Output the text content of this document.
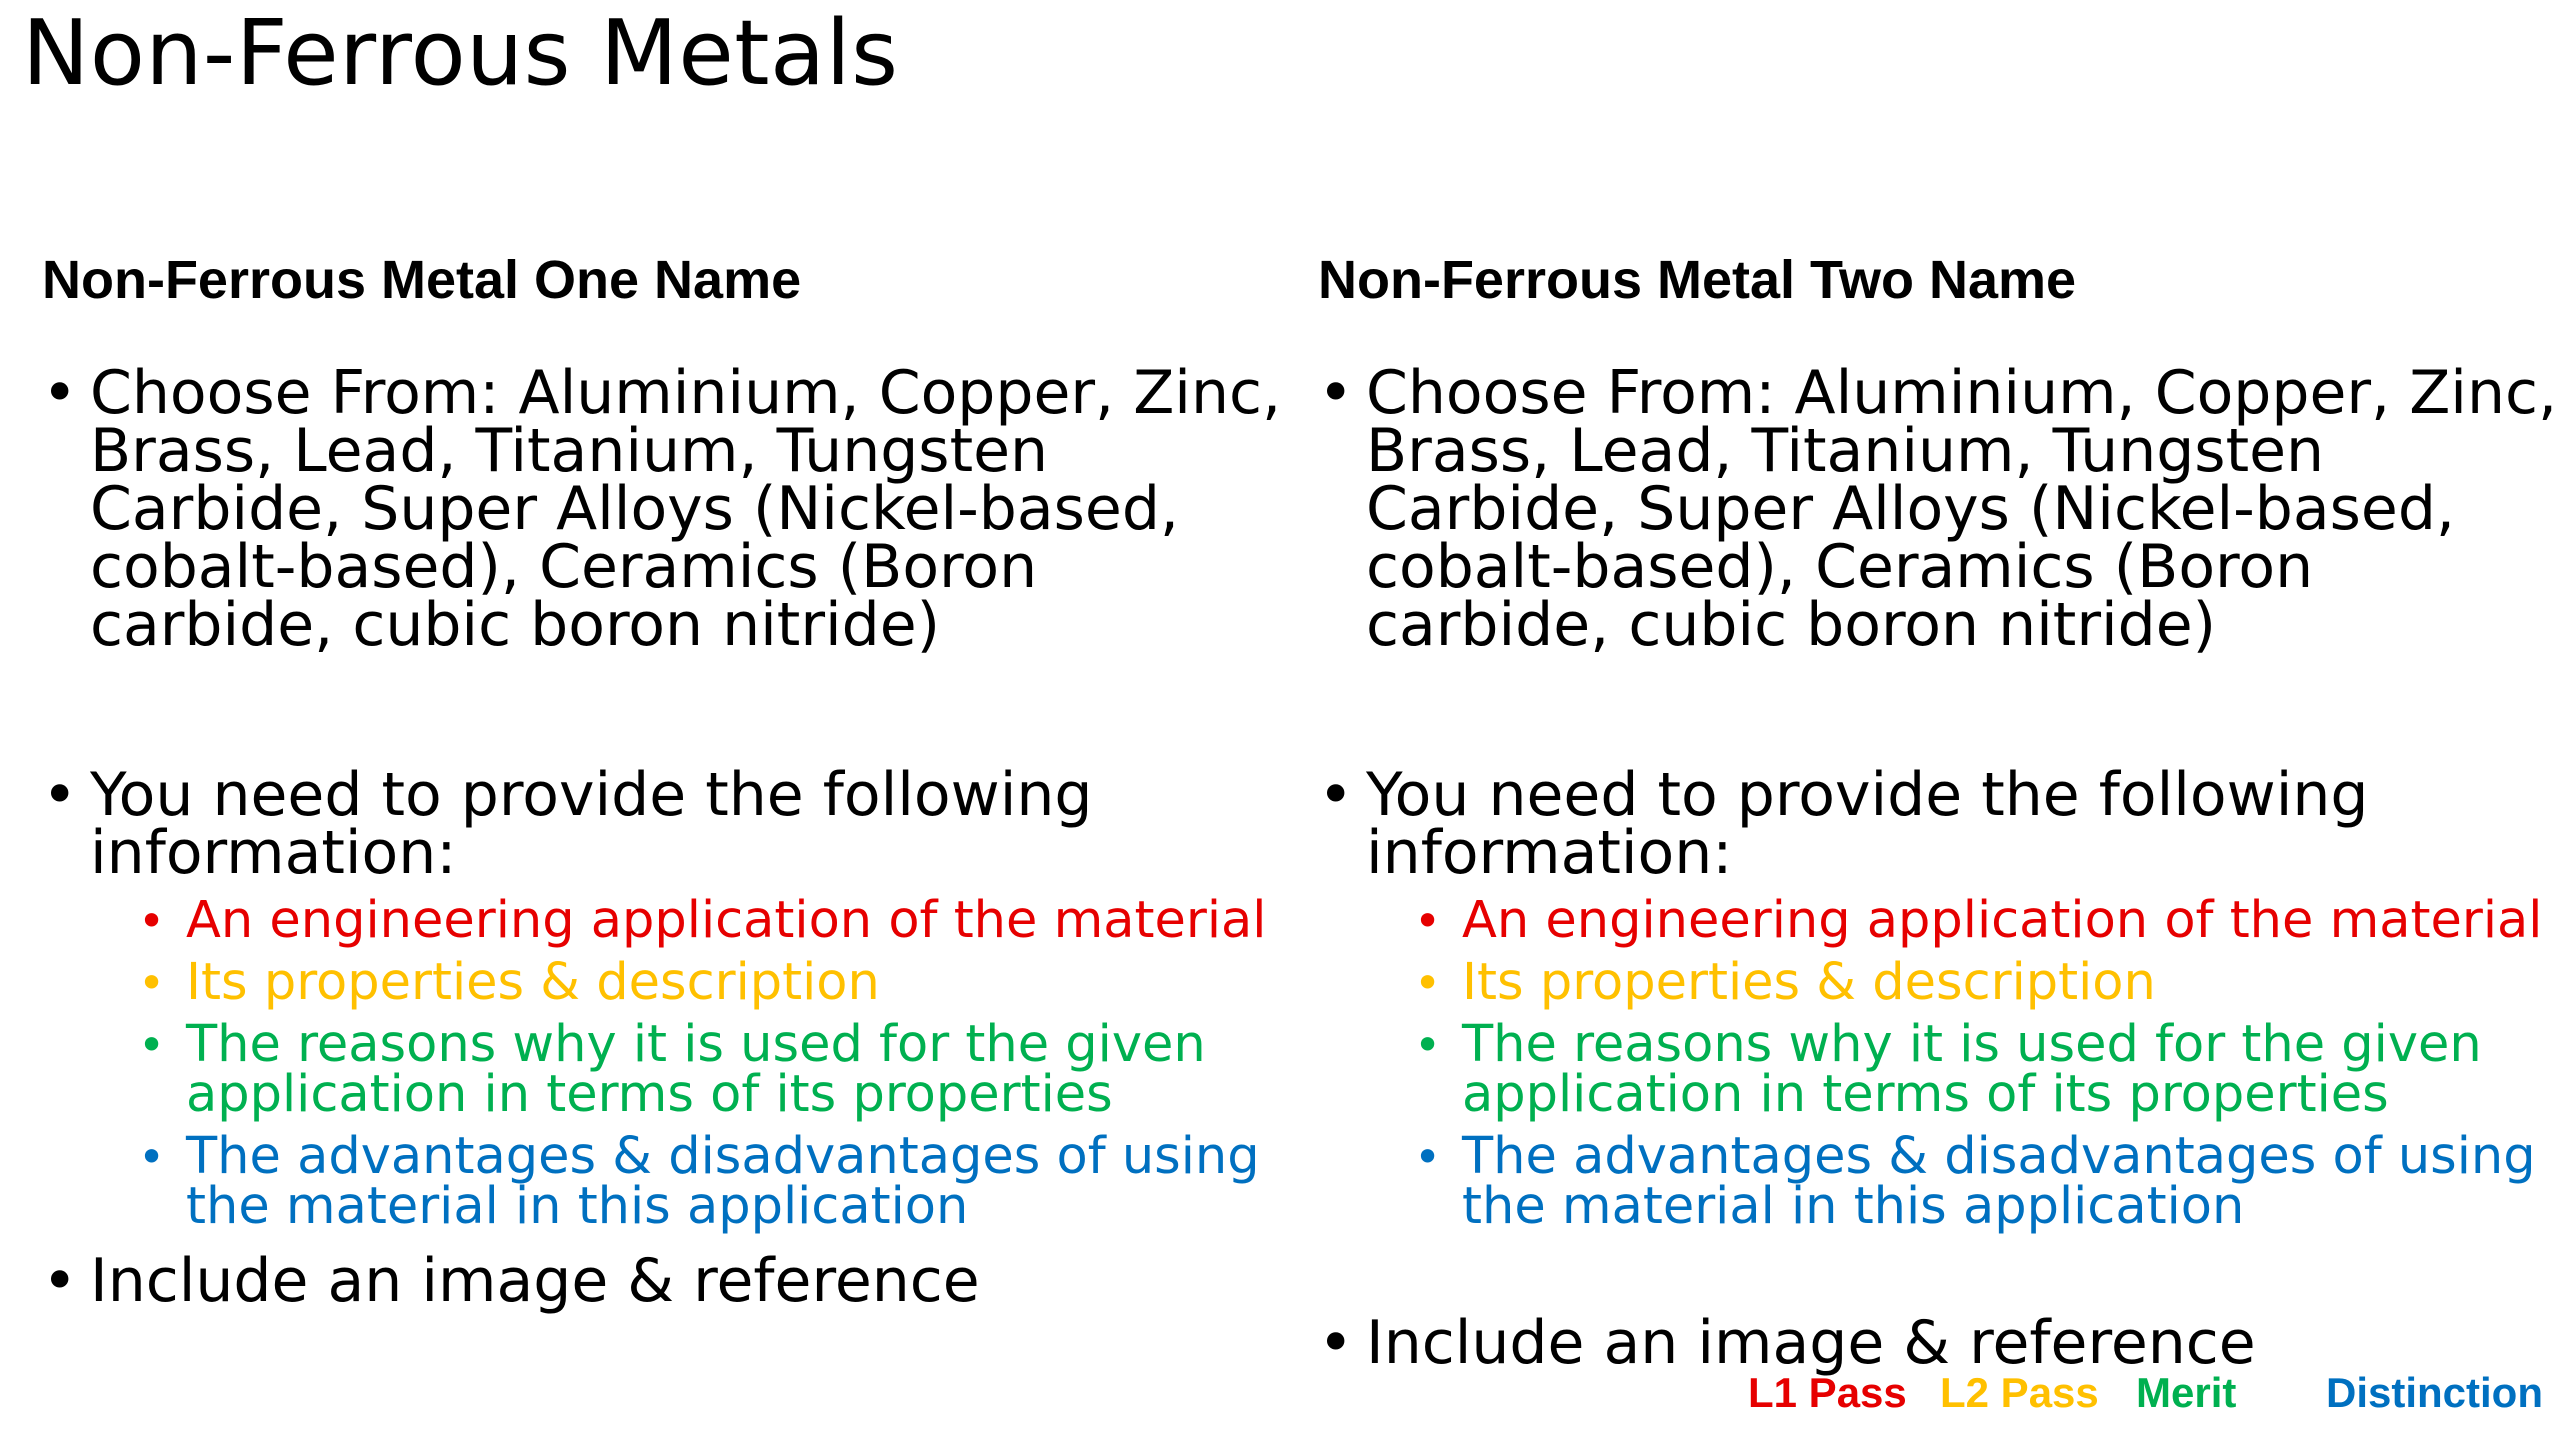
Non-Ferrous Metals
Non-Ferrous Metal One Name
• Choose From: Aluminium, Copper, Zinc, Brass, Lead, Titanium, Tungsten Carbide, Super Alloys (Nickel-based, cobalt-based), Ceramics (Boron carbide, cubic boron nitride)
• You need to provide the following information:
• An engineering application of the material
• Its properties & description
• The reasons why it is used for the given application in terms of its properties
• The advantages & disadvantages of using the material in this application
• Include an image & reference
Non-Ferrous Metal Two Name
• Choose From: Aluminium, Copper, Zinc, Brass, Lead, Titanium, Tungsten Carbide, Super Alloys (Nickel-based, cobalt-based), Ceramics (Boron carbide, cubic boron nitride)
• You need to provide the following information:
• An engineering application of the material
• Its properties & description
• The reasons why it is used for the given application in terms of its properties
• The advantages & disadvantages of using the material in this application
• Include an image & reference
L1 Pass L2 Pass Merit Distinction
